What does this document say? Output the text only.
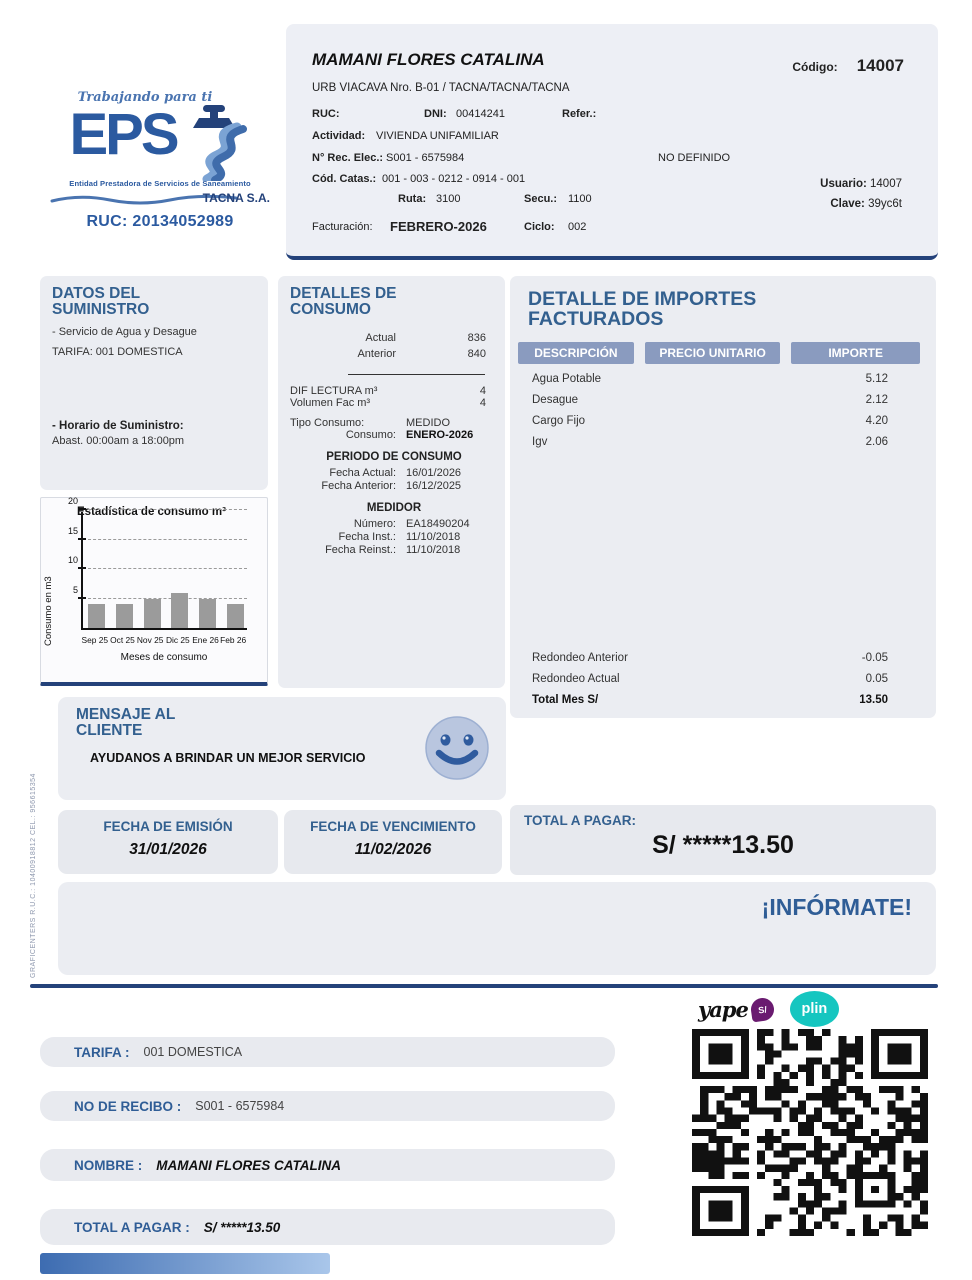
GRAFICENTERS R.U.C.: 10400918812 CEL.: 956615354
Trabajando para ti
EPS
Entidad Prestadora de Servicios de Saneamiento
TACNA S.A.
RUC: 20134052989
MAMANI FLORES CATALINA	Código: 14007
URB VIACAVA Nro. B-01 / TACNA/TACNA/TACNA
RUC:	DNI: 00414241	Refer.:
Actividad: VIVIENDA UNIFAMILIAR
N° Rec. Elec.: S001 - 6575984	NO DEFINIDO
Cód. Catas.: 001 - 003 - 0212 - 0914 - 001
Ruta: 3100	Secu.: 1100
Usuario: 14007
Clave: 39yc6t
Facturación: FEBRERO-2026	Ciclo: 002
DATOS DEL SUMINISTRO
- Servicio de Agua y Desague
TARIFA: 001 DOMESTICA
- Horario de Suministro:
Abast. 00:00am a 18:00pm
Estadística de consumo m³
Consumo en m3 5
10
15
20
Sep 25 Oct 25 Nov 25 Dic 25 Ene 26 Feb 26
Meses de consumo
DETALLES DE CONSUMO
Actual	836
Anterior	840
DIF LECTURA m³	4
Volumen Fac m³	4
Tipo Consumo:	MEDIDO
Consumo: ENERO-2026
PERIODO DE CONSUMO
Fecha Actual: 16/01/2026
Fecha Anterior: 16/12/2025
MEDIDOR
Número: EA18490204
Fecha Inst.: 11/10/2018
Fecha Reinst.: 11/10/2018
DETALLE DE IMPORTES FACTURADOS
DESCRIPCIÓN	PRECIO UNITARIO	IMPORTE
Agua Potable	5.12
Desague	2.12
Cargo Fijo	4.20
Igv	2.06
Redondeo Anterior	-0.05
Redondeo Actual	0.05
Total Mes S/	13.50
MENSAJE AL CLIENTE
AYUDANOS A BRINDAR UN MEJOR SERVICIO
FECHA DE EMISIÓN
31/01/2026
FECHA DE VENCIMIENTO
11/02/2026
TOTAL A PAGAR:
S/ *****13.50
¡INFÓRMATE!
yape	S/	plin
TARIFA : 001 DOMESTICA
NO DE RECIBO : S001 - 6575984
NOMBRE : MAMANI FLORES CATALINA
TOTAL A PAGAR : S/ *****13.50
